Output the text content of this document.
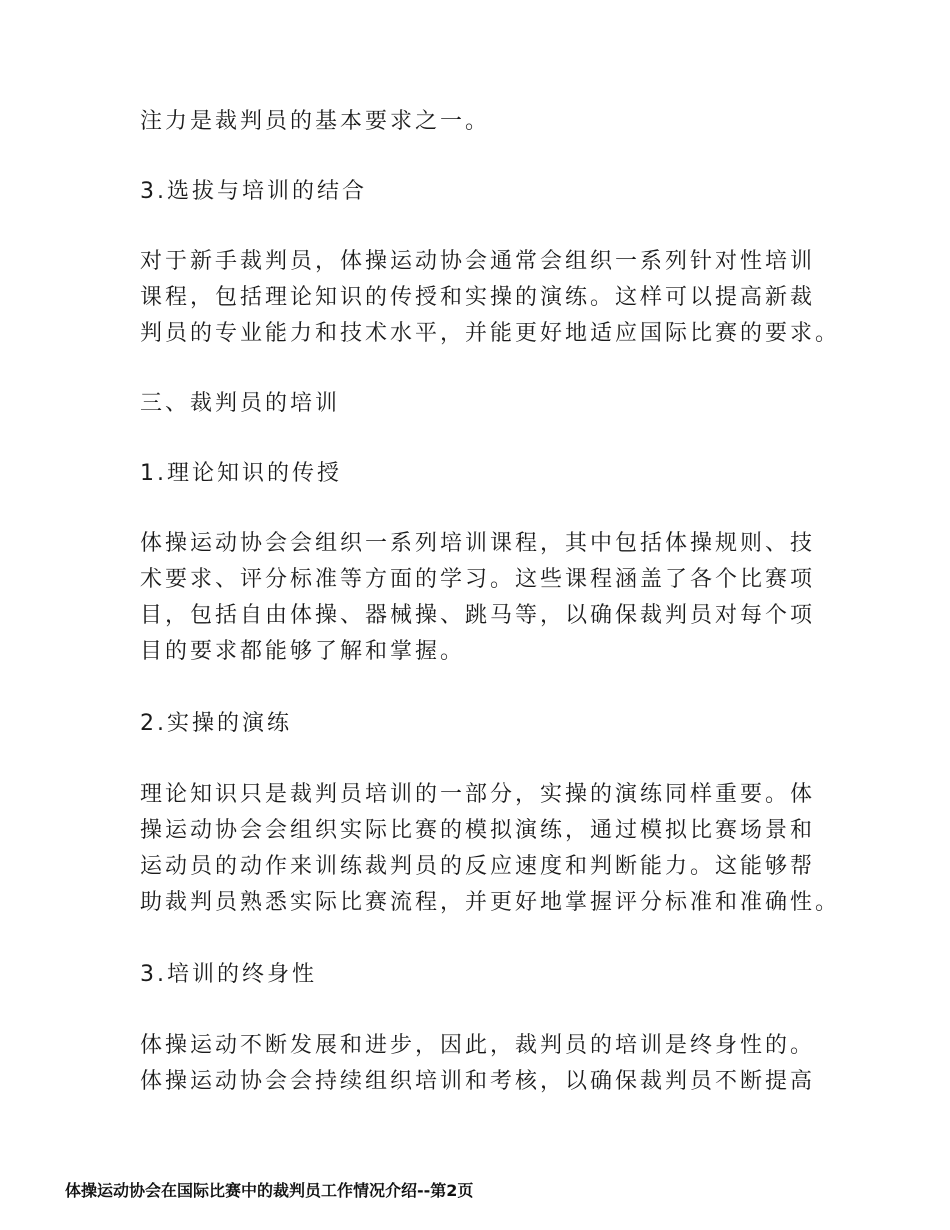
注力是裁判员的基本要求之一。
3.选拔与培训的结合
对于新手裁判员，体操运动协会通常会组织一系列针对性培训
课程，包括理论知识的传授和实操的演练。这样可以提高新裁
判员的专业能力和技术水平，并能更好地适应国际比赛的要求。
三、裁判员的培训
1.理论知识的传授
体操运动协会会组织一系列培训课程，其中包括体操规则、技
术要求、评分标准等方面的学习。这些课程涵盖了各个比赛项
目，包括自由体操、器械操、跳马等，以确保裁判员对每个项
目的要求都能够了解和掌握。
2.实操的演练
理论知识只是裁判员培训的一部分，实操的演练同样重要。体
操运动协会会组织实际比赛的模拟演练，通过模拟比赛场景和
运动员的动作来训练裁判员的反应速度和判断能力。这能够帮
助裁判员熟悉实际比赛流程，并更好地掌握评分标准和准确性。
3.培训的终身性
体操运动不断发展和进步，因此，裁判员的培训是终身性的。
体操运动协会会持续组织培训和考核，以确保裁判员不断提高
体操运动协会在国际比赛中的裁判员工作情况介绍--第2页
